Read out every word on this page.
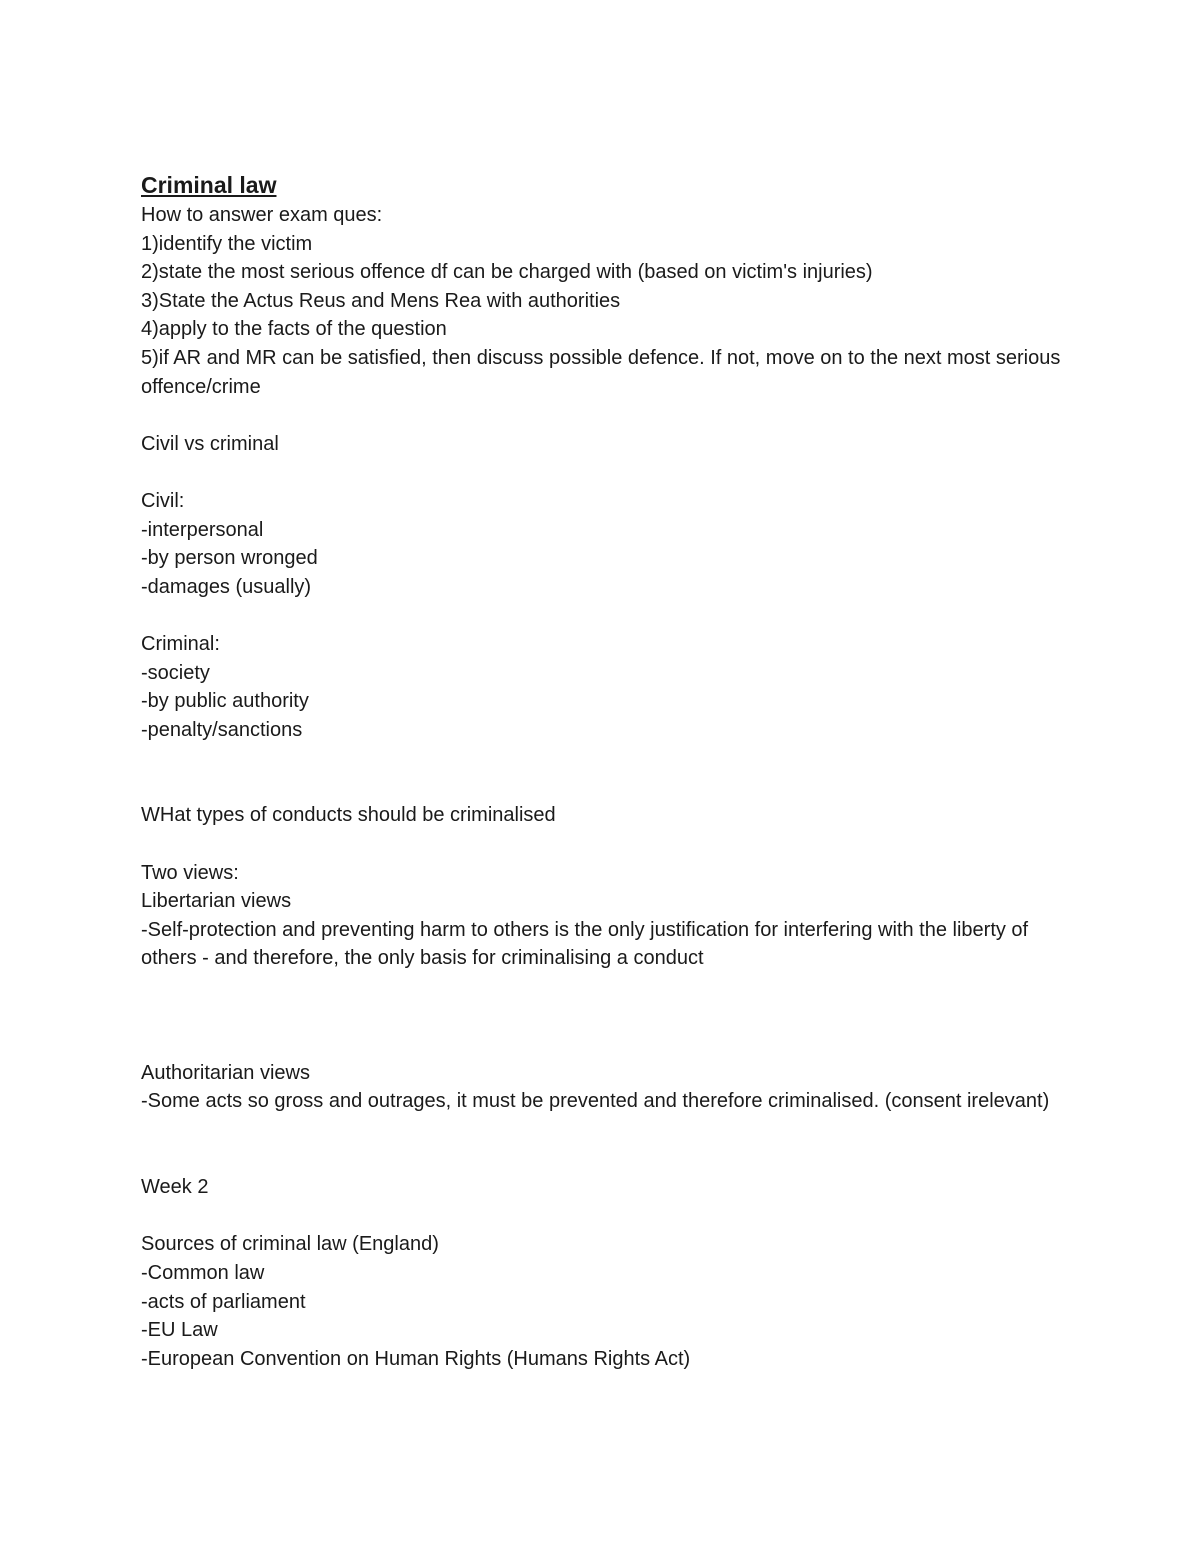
Criminal law
How to answer exam ques:
1)identify the victim
2)state the most serious offence df can be charged with (based on victim's injuries)
3)State the Actus Reus and Mens Rea with authorities
4)apply to the facts of the question
5)if AR and MR can be satisfied, then discuss possible defence. If not, move on to the next most serious offence/crime
Civil vs criminal
Civil:
-interpersonal
-by person wronged
-damages (usually)
Criminal:
-society
-by public authority
-penalty/sanctions
WHat types of conducts should be criminalised
Two views:
Libertarian views
-Self-protection and preventing harm to others is the only justification for interfering with the liberty of others - and therefore, the only basis for criminalising a conduct
Authoritarian views
-Some acts so gross and outrages, it must be prevented and therefore criminalised. (consent irelevant)
Week 2
Sources of criminal law (England)
-Common law
-acts of parliament
-EU Law
-European Convention on Human Rights (Humans Rights Act)
